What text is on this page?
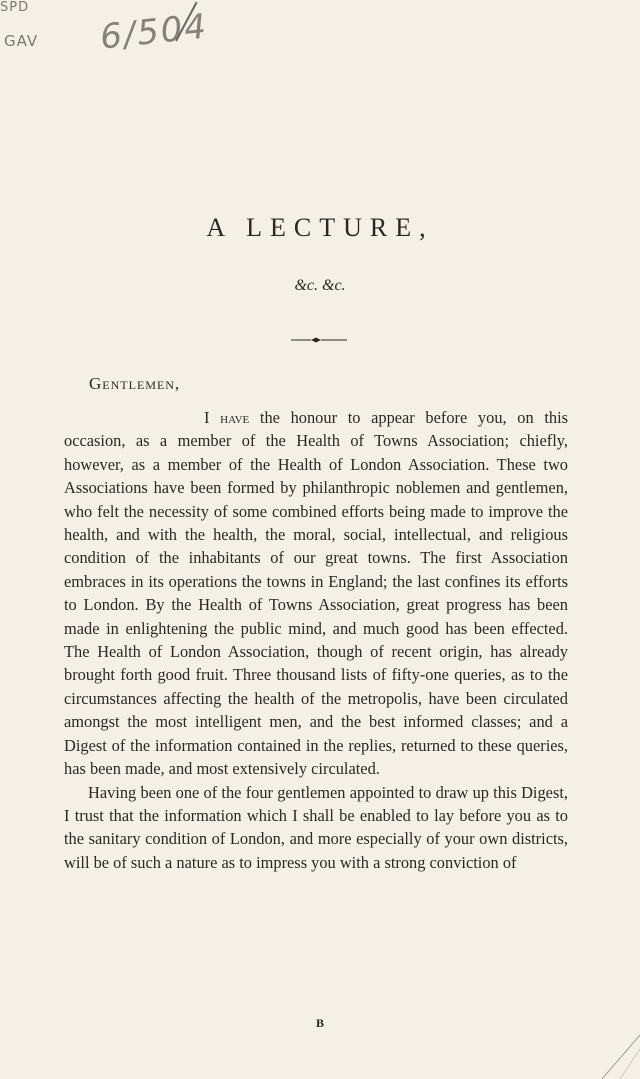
SPD
GAV 6/504
A LECTURE,
&c. &c.
Gentlemen,

I have the honour to appear before you, on this occasion, as a member of the Health of Towns Association; chiefly, however, as a member of the Health of London Association. These two Associations have been formed by philanthropic noblemen and gentlemen, who felt the necessity of some combined efforts being made to improve the health, and with the health, the moral, social, intellectual, and religious condition of the inhabitants of our great towns. The first Association embraces in its operations the towns in England; the last confines its efforts to London. By the Health of Towns Association, great progress has been made in enlightening the public mind, and much good has been effected. The Health of London Association, though of recent origin, has already brought forth good fruit. Three thousand lists of fifty-one queries, as to the circumstances affecting the health of the metropolis, have been circulated amongst the most intelligent men, and the best informed classes; and a Digest of the information contained in the replies, returned to these queries, has been made, and most extensively circulated.

Having been one of the four gentlemen appointed to draw up this Digest, I trust that the information which I shall be enabled to lay before you as to the sanitary condition of London, and more especially of your own districts, will be of such a nature as to impress you with a strong conviction of

B
